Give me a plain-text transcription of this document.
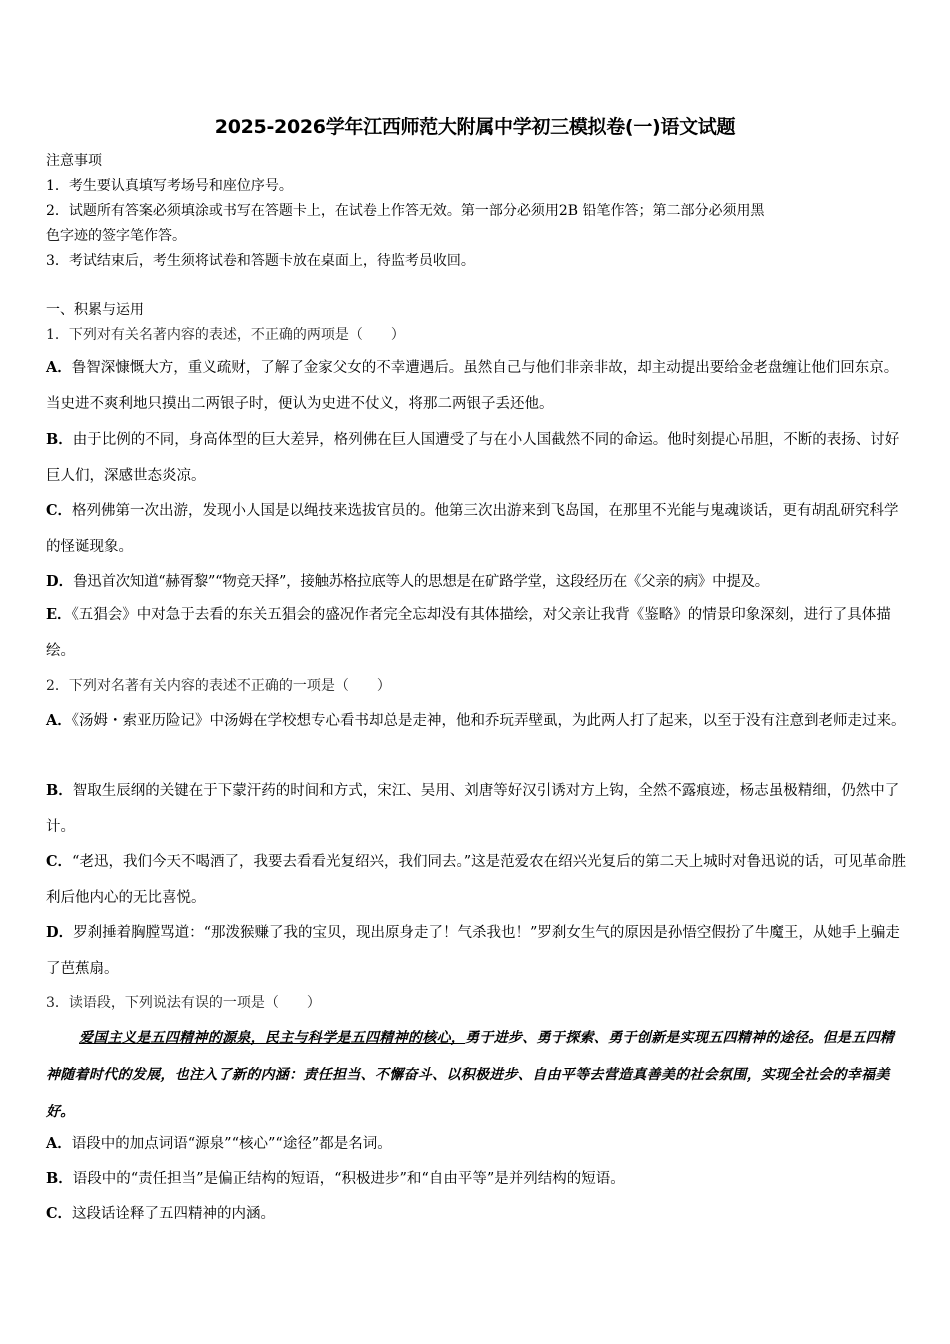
2025-2026学年江西师范大附属中学初三模拟卷(一)语文试题
注意事项
1．考生要认真填写考场号和座位序号。
2．试题所有答案必须填涂或书写在答题卡上，在试卷上作答无效。第一部分必须用2B 铅笔作答；第二部分必须用黑
色字迹的签字笔作答。
3．考试结束后，考生须将试卷和答题卡放在桌面上，待监考员收回。
一、积累与运用
1．下列对有关名著内容的表述，不正确的两项是（　　）
A．鲁智深慷慨大方，重义疏财，了解了金家父女的不幸遭遇后。虽然自己与他们非亲非故，却主动提出要给金老盘缠让他们回东京。当史进不爽利地只摸出二两银子时，便认为史进不仗义，将那二两银子丢还他。
B．由于比例的不同，身高体型的巨大差异，格列佛在巨人国遭受了与在小人国截然不同的命运。他时刻提心吊胆，不断的表扬、讨好巨人们，深感世态炎凉。
C．格列佛第一次出游，发现小人国是以绳技来选拔官员的。他第三次出游来到飞岛国，在那里不光能与鬼魂谈话，更有胡乱研究科学的怪诞现象。
D．鲁迅首次知道“赫胥黎”“物竞天择”，接触苏格拉底等人的思想是在矿路学堂，这段经历在《父亲的病》中提及。
E．《五猖会》中对急于去看的东关五猖会的盛况作者完全忘却没有其体描绘，对父亲让我背《鉴略》的情景印象深刻，进行了具体描绘。
2．下列对名著有关内容的表述不正确的一项是（　　）
A．《汤姆・索亚历险记》中汤姆在学校想专心看书却总是走神，他和乔玩弄壁虱，为此两人打了起来，以至于没有注意到老师走过来。
B．智取生辰纲的关键在于下蒙汗药的时间和方式，宋江、吴用、刘唐等好汉引诱对方上钩，全然不露痕迹，杨志虽极精细，仍然中了计。
C．“老迅，我们今天不喝酒了，我要去看看光复绍兴，我们同去。”这是范爱农在绍兴光复后的第二天上城时对鲁迅说的话，可见革命胜利后他内心的无比喜悦。
D．罗刹捶着胸膛骂道：“那泼猴赚了我的宝贝，现出原身走了！气杀我也！”罗刹女生气的原因是孙悟空假扮了牛魔王，从她手上骗走了芭蕉扇。
3．读语段，下列说法有误的一项是（　　）
爱国主义是五四精神的源泉，民主与科学是五四精神的核心，勇于进步、勇于探索、勇于创新是实现五四精神的途径。但是五四精神随着时代的发展，也注入了新的内涵：责任担当、不懈奋斗、以积极进步、自由平等去营造真善美的社会氛围，实现全社会的幸福美好。
A．语段中的加点词语“源泉”“核心”“途径”都是名词。
B．语段中的“责任担当”是偏正结构的短语，“积极进步”和“自由平等”是并列结构的短语。
C．这段话诠释了五四精神的内涵。
